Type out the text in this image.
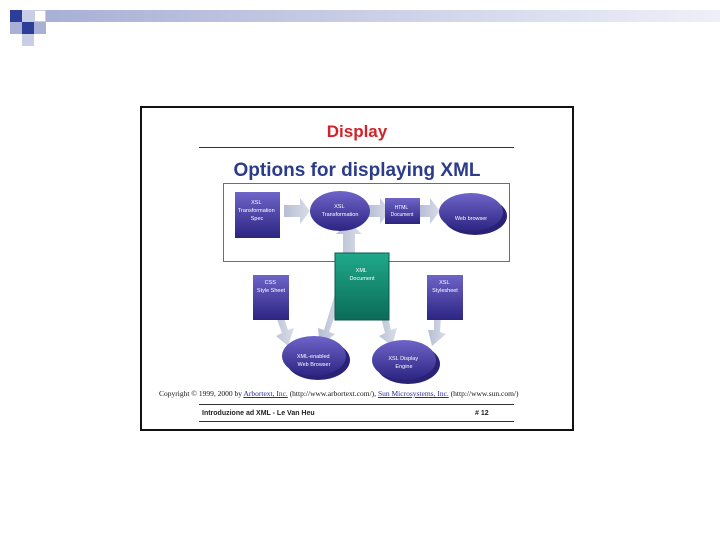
Display
Options for displaying XML
XSL Transformation Spec
XSL Transformation
HTML Document
Web browser
XML Document
CSS Style Sheet
XSL Stylesheet
XML-enabled Web Browser
XSL Display Engine
Copyright © 1999, 2000 by Arbortext, Inc. (http://www.arbortext.com/), Sun Microsystems, Inc. (http://www.sun.com/)
Introduzione ad XML - Le Van Heu	# 12
